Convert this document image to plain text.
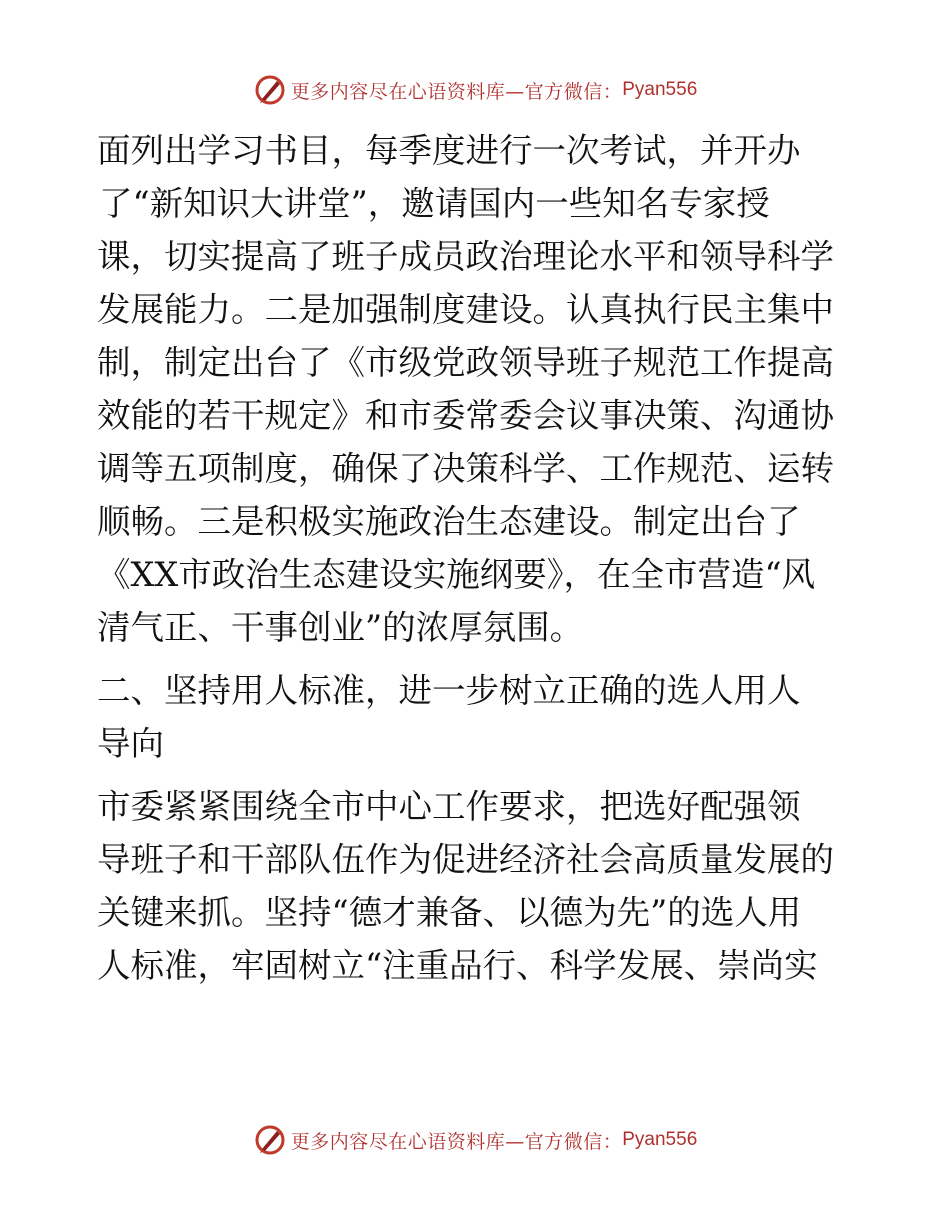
更多内容尽在心语资料库—官方微信： Pyan556
面列出学习书目，每季度进行一次考试，并开办
了“新知识大讲堂”，邀请国内一些知名专家授
课，切实提高了班子成员政治理论水平和领导科学
发展能力。二是加强制度建设。认真执行民主集中
制，制定出台了《市级党政领导班子规范工作提高
效能的若干规定》和市委常委会议事决策、沟通协
调等五项制度，确保了决策科学、工作规范、运转
顺畅。三是积极实施政治生态建设。制定出台了
《XX市政治生态建设实施纲要》，在全市营造“风
清气正、干事创业”的浓厚氛围。
二、坚持用人标准，进一步树立正确的选人用人
导向
市委紧紧围绕全市中心工作要求，把选好配强领
导班子和干部队伍作为促进经济社会高质量发展的
关键来抓。坚持“德才兼备、以德为先”的选人用
人标准，牢固树立“注重品行、科学发展、崇尚实
更多内容尽在心语资料库—官方微信： Pyan556
